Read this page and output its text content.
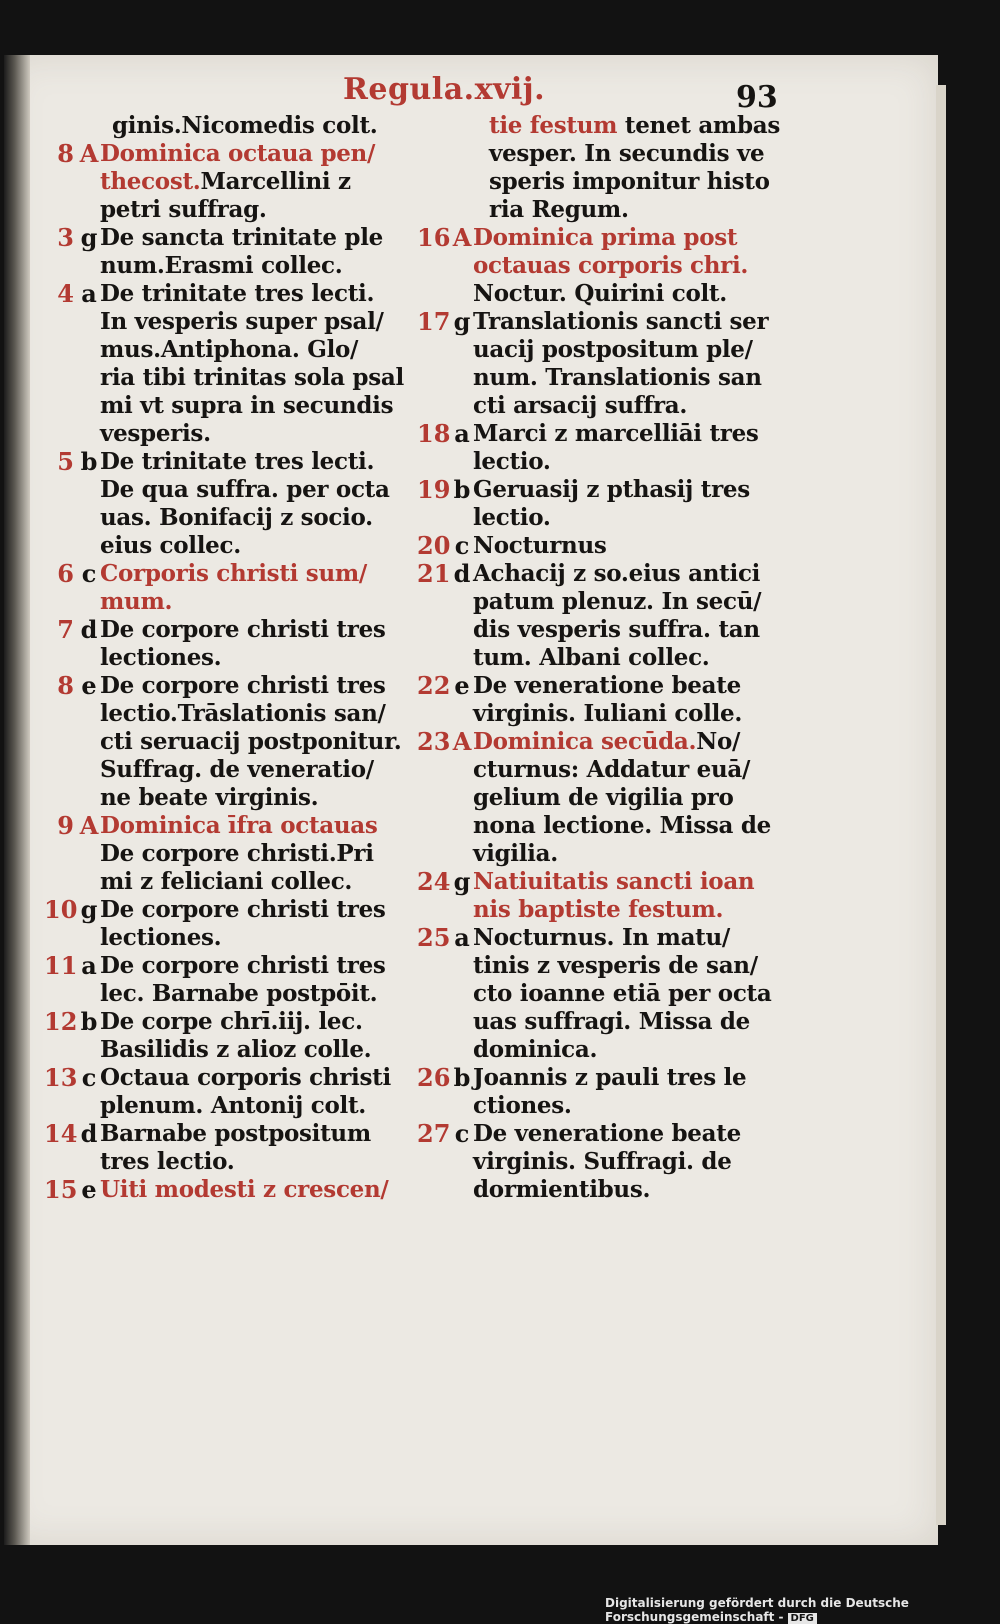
Regula.xvij.	93
ginis.Nicomedis colt.
8 A Dominica octaua pen/
thecost.Marcellini z
petri suffrag.
3 g De sancta trinitate ple
num.Erasmi collec.
4 a De trinitate tres lecti.
In vesperis super psal/
mus.Antiphona. Glo/
ria tibi trinitas sola psal
mi vt supra in secundis
vesperis.
5 b De trinitate tres lecti.
De qua suffra. per octa
uas. Bonifacij z socio.
eius collec.
6 c Corporis christi sum/
mum.
7 d De corpore christi tres
lectiones.
8 e De corpore christi tres
lectio.Trāslationis san/
cti seruacij postponitur.
Suffrag. de veneratio/
ne beate virginis.
9 A Dominica īfra octauas
De corpore christi.Pri
mi z feliciani collec.
10 g De corpore christi tres
lectiones.
11 a De corpore christi tres
lec. Barnabe postpōit.
12 b De corpe chrī.iij. lec.
Basilidis z alioz colle.
13 c Octaua corporis christi
plenum. Antonij colt.
14 d Barnabe postpositum
tres lectio.
15 e Uiti modesti z crescen/
tie festum tenet ambas
vesper. In secundis ve
speris imponitur histo
ria Regum.
16 A Dominica prima post
octauas corporis chri.
Noctur. Quirini colt.
17 g Translationis sancti ser
uacij postpositum ple/
num. Translationis san
cti arsacij suffra.
18 a Marci z marcelliāi tres
lectio.
19 b Geruasij z pthasij tres
lectio.
20 c Nocturnus
21 d Achacij z so.eius antici
patum plenuz. In secū/
dis vesperis suffra. tan
tum. Albani collec.
22 e De veneratione beate
virginis. Iuliani colle.
23 A Dominica secūda.No/
cturnus: Addatur euā/
gelium de vigilia pro
nona lectione. Missa de
vigilia.
24 g Natiuitatis sancti ioan
nis baptiste festum.
25 a Nocturnus. In matu/
tinis z vesperis de san/
cto ioanne etiā per octa
uas suffragi. Missa de
dominica.
26 b Joannis z pauli tres le
ctiones.
27 c De veneratione beate
virginis. Suffragi. de
dormientibus.
Digitalisierung gefördert durch die Deutsche Forschungsgemeinschaft - DFG
